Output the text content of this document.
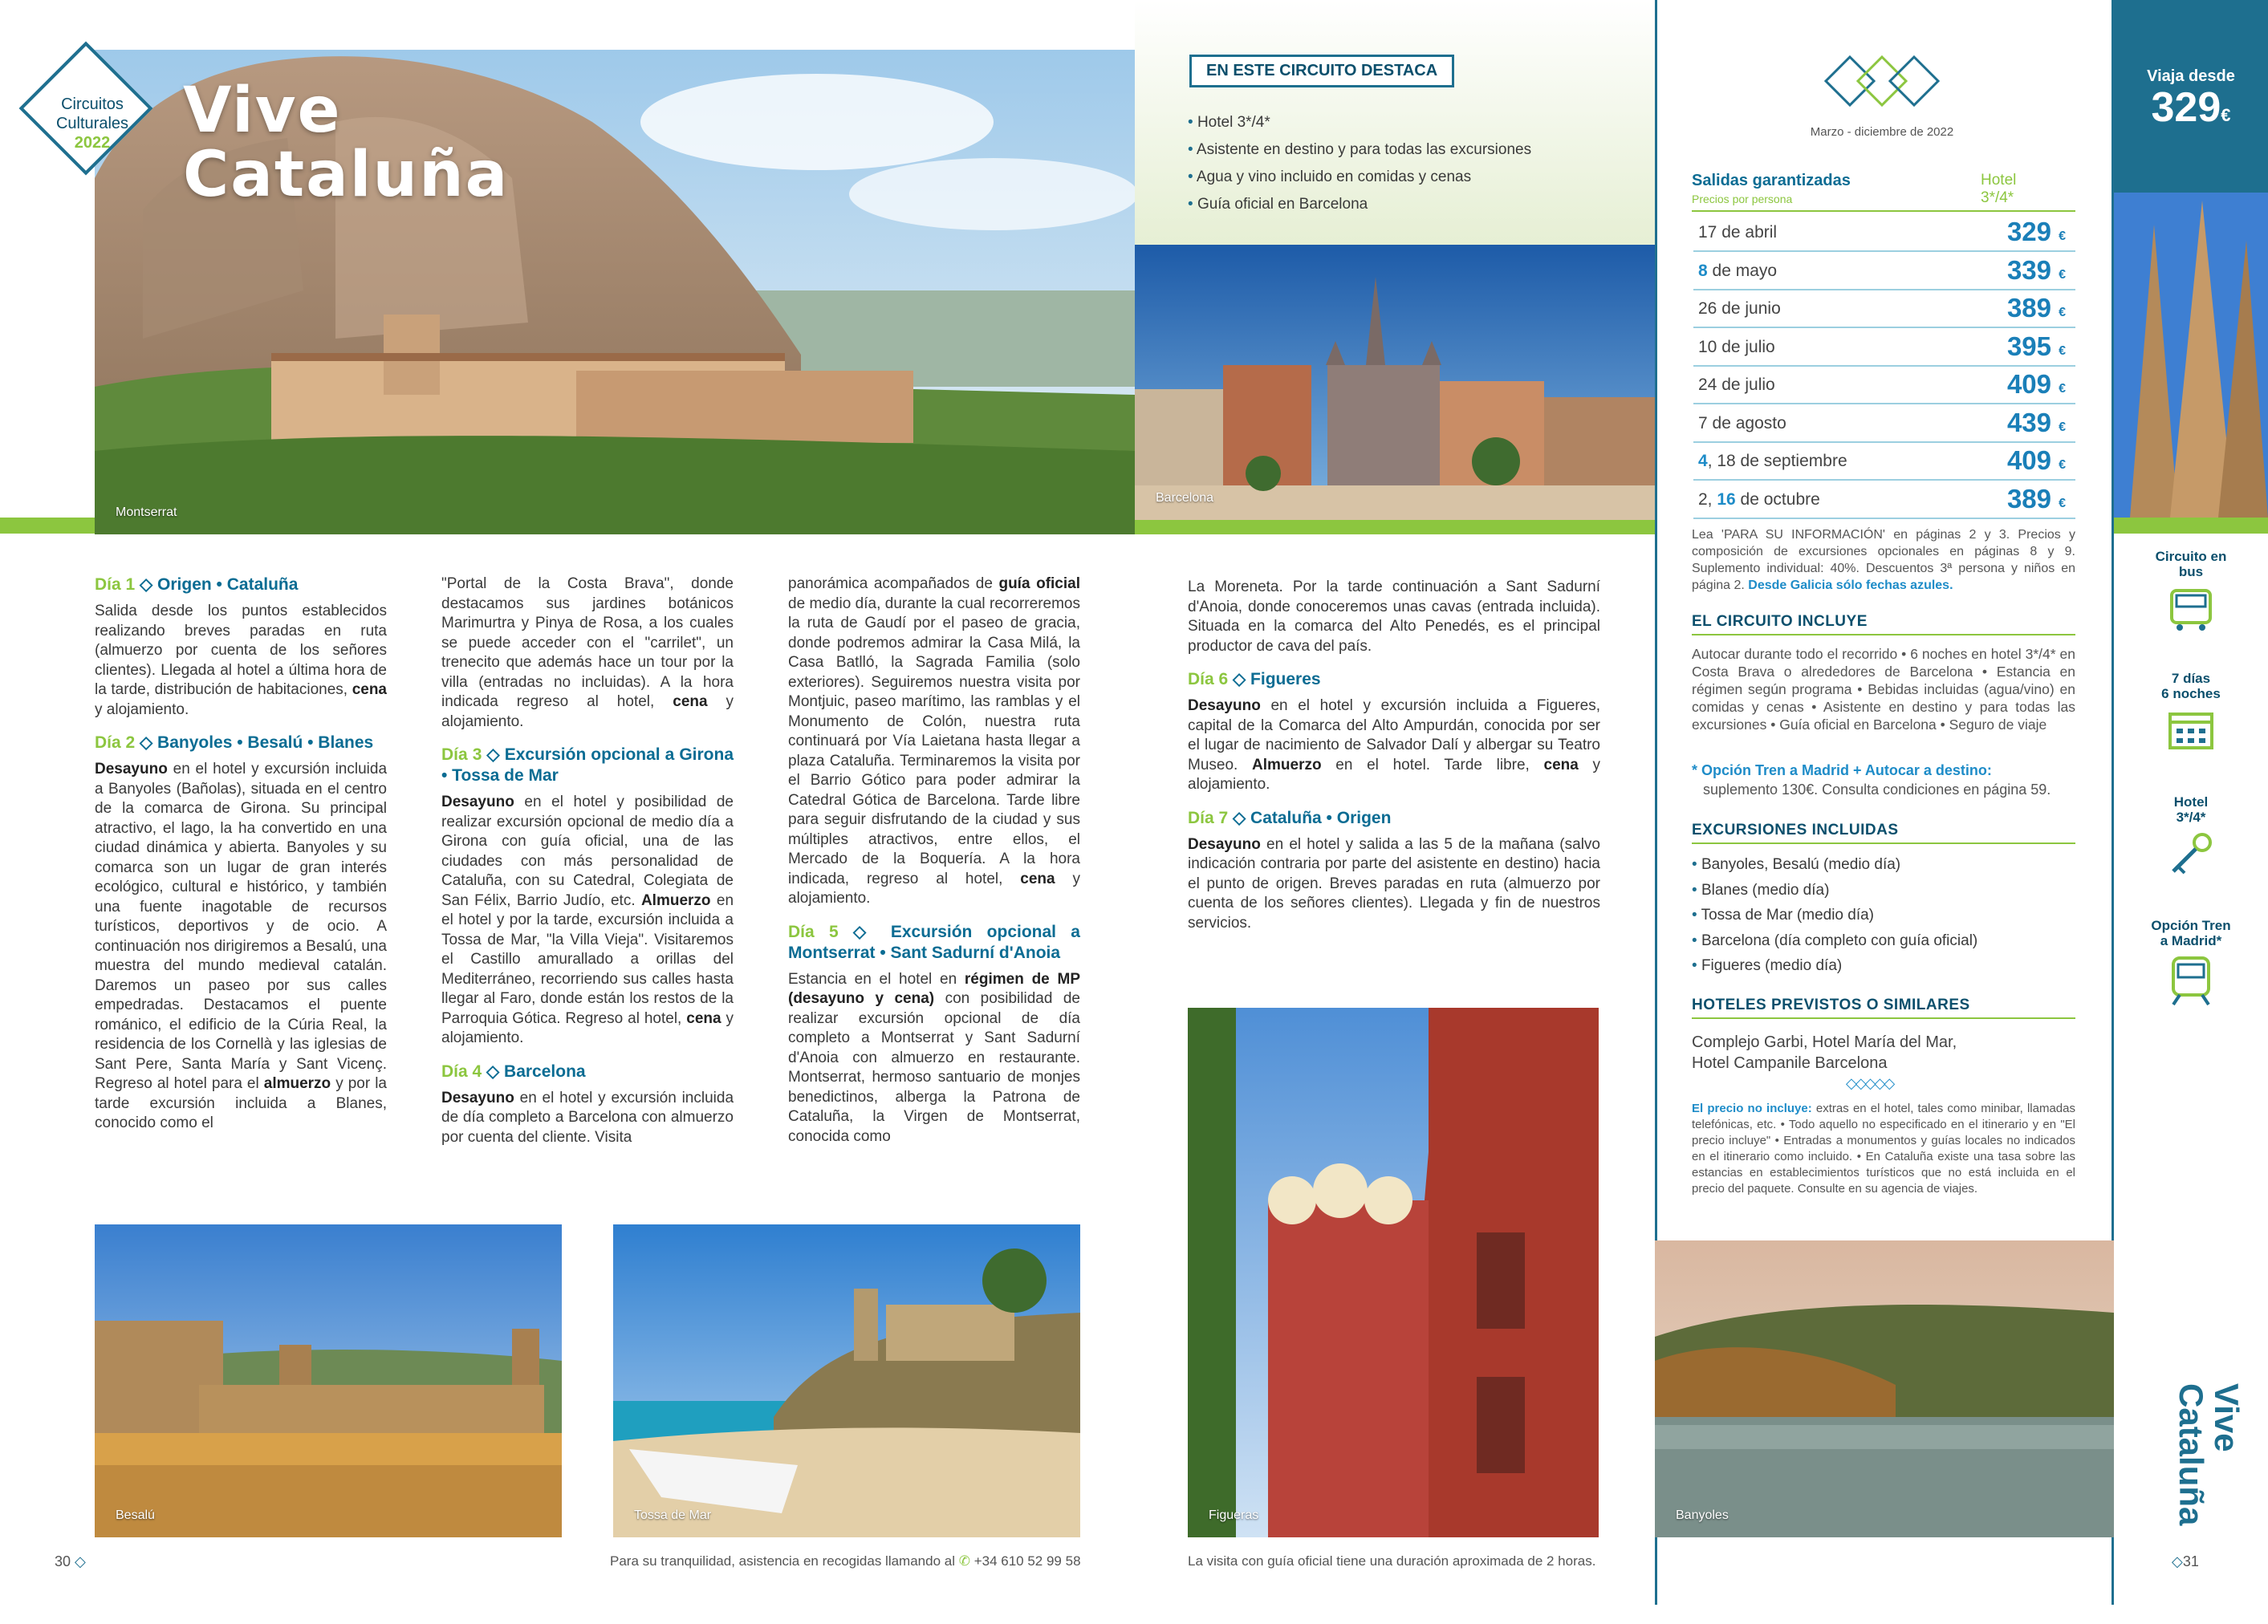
Montserrat
Circuitos
Culturales
2022	Vive
Cataluña
EN ESTE CIRCUITO DESTACA
• Hotel 3*/4*
• Asistente en destino y para todas las excursiones
• Agua y vino incluido en comidas y cenas
• Guía oficial en Barcelona
Barcelona
Día 1 ◇ Origen • Cataluña

Salida desde los puntos establecidos realizando breves paradas en ruta (almuerzo por cuenta de los señores clientes). Llegada al hotel a última hora de la tarde, distribución de habitaciones, cena y alojamiento.

Día 2 ◇ Banyoles • Besalú • Blanes

Desayuno en el hotel y excursión incluida a Banyoles (Bañolas), situada en el centro de la comarca de Girona. Su principal atractivo, el lago, la ha convertido en una ciudad dinámica y abierta. Banyoles y su comarca son un lugar de gran interés ecológico, cultural e histórico, y también una fuente inagotable de recursos turísticos, deportivos y de ocio. A continuación nos dirigiremos a Besalú, una muestra del mundo medieval catalán. Daremos un paseo por sus calles empedradas. Destacamos el puente románico, el edificio de la Cúria Real, la residencia de los Cornellà y las iglesias de Sant Pere, Santa María y Sant Vicenç. Regreso al hotel para el almuerzo y por la tarde excursión incluida a Blanes, conocido como el

"Portal de la Costa Brava", donde destacamos sus jardines botánicos Marimurtra y Pinya de Rosa, a los cuales se puede acceder con el "carrilet", un trenecito que además hace un tour por la villa (entradas no incluidas). A la hora indicada regreso al hotel, cena y alojamiento.

Día 3 ◇ Excursión opcional a Girona • Tossa de Mar

Desayuno en el hotel y posibilidad de realizar excursión opcional de medio día a Girona con guía oficial, una de las ciudades con más personalidad de Cataluña, con su Catedral, Colegiata de San Félix, Barrio Judío, etc. Almuerzo en el hotel y por la tarde, excursión incluida a Tossa de Mar, "la Villa Vieja". Visitaremos el Castillo amurallado a orillas del Mediterráneo, recorriendo sus calles hasta llegar al Faro, donde están los restos de la Parroquia Gótica. Regreso al hotel, cena y alojamiento.

Día 4 ◇ Barcelona

Desayuno en el hotel y excursión incluida de día completo a Barcelona con almuerzo por cuenta del cliente. Visita

panorámica acompañados de guía oficial de medio día, durante la cual recorreremos la ruta de Gaudí por el paseo de gracia, donde podremos admirar la Casa Milá, la Casa Batlló, la Sagrada Familia (solo exteriores). Seguiremos nuestra visita por Montjuic, paseo marítimo, las ramblas y el Monumento de Colón, nuestra ruta continuará por Vía Laietana hasta llegar a plaza Cataluña. Terminaremos la visita por el Barrio Gótico para poder admirar la Catedral Gótica de Barcelona. Tarde libre para seguir disfrutando de la ciudad y sus múltiples atractivos, entre ellos, el Mercado de la Boquería. A la hora indicada, regreso al hotel, cena y alojamiento.

Día 5 ◇ Excursión opcional a Montserrat • Sant Sadurní d'Anoia

Estancia en el hotel en régimen de MP (desayuno y cena) con posibilidad de realizar excursión opcional de día completo a Montserrat y Sant Sadurní d'Anoia con almuerzo en restaurante. Montserrat, hermoso santuario de monjes benedictinos, alberga la Patrona de Cataluña, la Virgen de Montserrat, conocida como

La Moreneta. Por la tarde continuación a Sant Sadurní d'Anoia, donde conoceremos unas cavas (entrada incluida). Situada en la comarca del Alto Penedés, es el principal productor de cava del país.

Día 6 ◇ Figueres

Desayuno en el hotel y excursión incluida a Figueres, capital de la Comarca del Alto Ampurdán, conocida por ser el lugar de nacimiento de Salvador Dalí y albergar su Teatro Museo. Almuerzo en el hotel. Tarde libre, cena y alojamiento.

Día 7 ◇ Cataluña • Origen

Desayuno en el hotel y salida a las 5 de la mañana (salvo indicación contraria por parte del asistente en destino) hacia el punto de origen. Breves paradas en ruta (almuerzo por cuenta de los señores clientes). Llegada y fin de nuestros servicios.

Figueras
Besalú	Tossa de Mar
Marzo - diciembre de 2022
Salidas garantizadas
Precios por persona
Hotel
3*/4*
17 de abril	329 €
8 de mayo	339 €
26 de junio	389 €
10 de julio	395 €
24 de julio	409 €
7 de agosto	439 €
4, 18 de septiembre	409 €
2, 16 de octubre	389 €
Lea 'PARA SU INFORMACIÓN' en páginas 2 y 3. Precios y composición de excursiones opcionales en páginas 8 y 9. Suplemento individual: 40%. Descuentos 3ª persona y niños en página 2. Desde Galicia sólo fechas azules.
EL CIRCUITO INCLUYE
Autocar durante todo el recorrido • 6 noches en hotel 3*/4* en Costa Brava o alrededores de Barcelona • Estancia en régimen según programa • Bebidas incluidas (agua/vino) en comidas y cenas • Asistente en destino y para todas las excursiones • Guía oficial en Barcelona • Seguro de viaje
* Opción Tren a Madrid + Autocar a destino:
suplemento 130€. Consulta condiciones en página 59.
EXCURSIONES INCLUIDAS
• Banyoles, Besalú (medio día)
• Blanes (medio día)
• Tossa de Mar (medio día)
• Barcelona (día completo con guía oficial)
• Figueres (medio día)
HOTELES PREVISTOS O SIMILARES
Complejo Garbi, Hotel María del Mar,
Hotel Campanile Barcelona
◇◇◇◇◇
El precio no incluye: extras en el hotel, tales como minibar, llamadas telefónicas, etc. • Todo aquello no especificado en el itinerario y en "El precio incluye" • Entradas a monumentos y guías locales no indicados en el itinerario como incluido. • En Cataluña existe una tasa sobre las estancias en establecimientos turísticos que no está incluida en el precio del paquete. Consulte en su agencia de viajes.
Banyoles
Viaja desde
329€
Circuito en bus
7 días
6 noches
Hotel
3*/4*
Opción Tren
a Madrid*
Vive
Cataluña
30 ◇	Para su tranquilidad, asistencia en recogidas llamando al ✆ +34 610 52 99 58	La visita con guía oficial tiene una duración aproximada de 2 horas.	◇31
